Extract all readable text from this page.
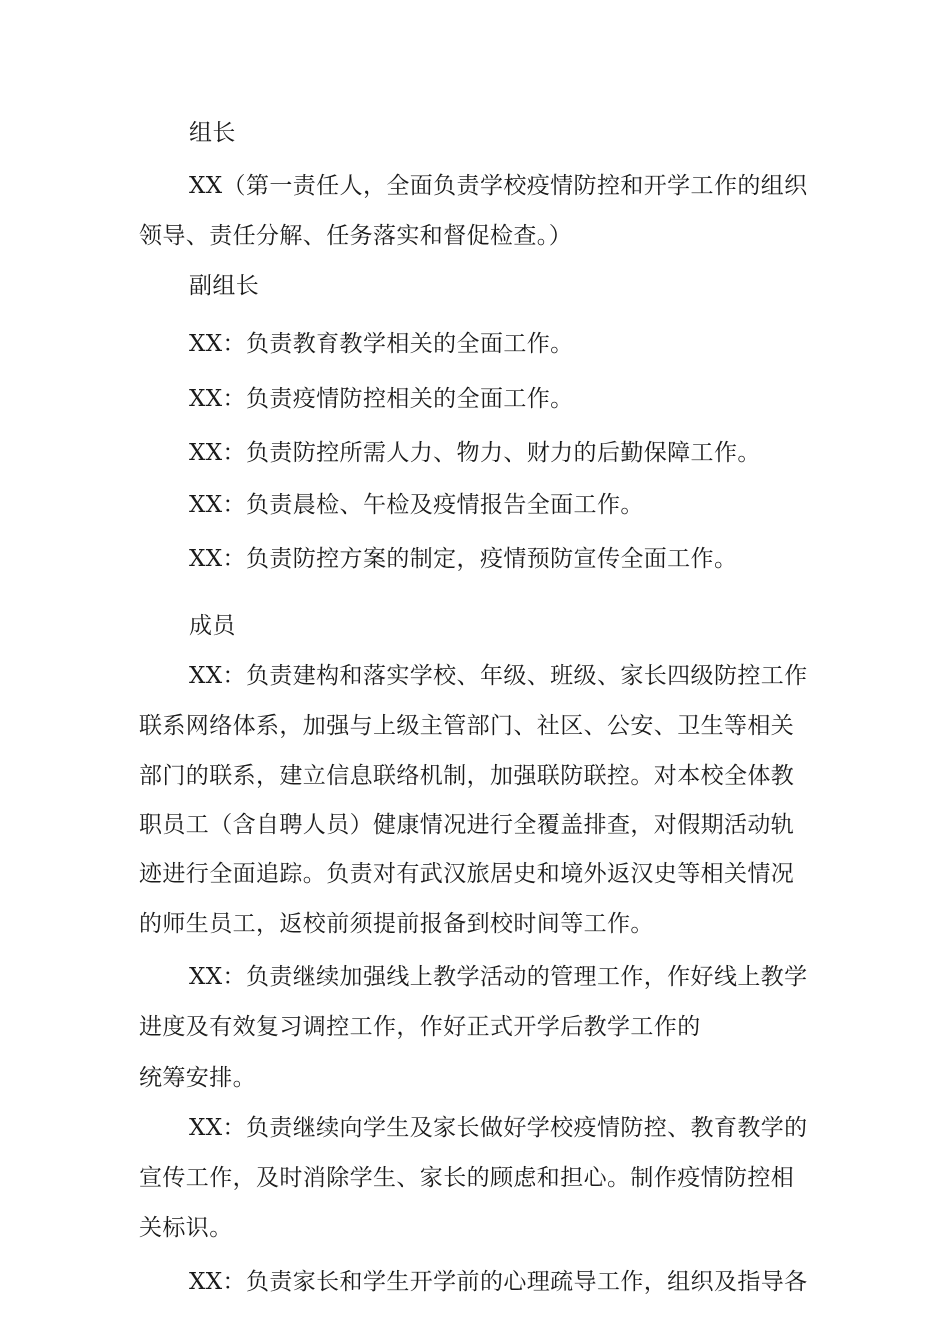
组长
XX（第一责任人，全面负责学校疫情防控和开学工作的组织
领导、责任分解、任务落实和督促检查。）
副组长
XX：负责教育教学相关的全面工作。
XX：负责疫情防控相关的全面工作。
XX：负责防控所需人力、物力、财力的后勤保障工作。
XX：负责晨检、午检及疫情报告全面工作。
XX：负责防控方案的制定，疫情预防宣传全面工作。
成员
XX：负责建构和落实学校、年级、班级、家长四级防控工作
联系网络体系，加强与上级主管部门、社区、公安、卫生等相关
部门的联系，建立信息联络机制，加强联防联控。对本校全体教
职员工（含自聘人员）健康情况进行全覆盖排查，对假期活动轨
迹进行全面追踪。负责对有武汉旅居史和境外返汉史等相关情况
的师生员工，返校前须提前报备到校时间等工作。
XX：负责继续加强线上教学活动的管理工作，作好线上教学
进度及有效复习调控工作，作好正式开学后教学工作的
统筹安排。
XX：负责继续向学生及家长做好学校疫情防控、教育教学的
宣传工作，及时消除学生、家长的顾虑和担心。制作疫情防控相
关标识。
XX：负责家长和学生开学前的心理疏导工作，组织及指导各
